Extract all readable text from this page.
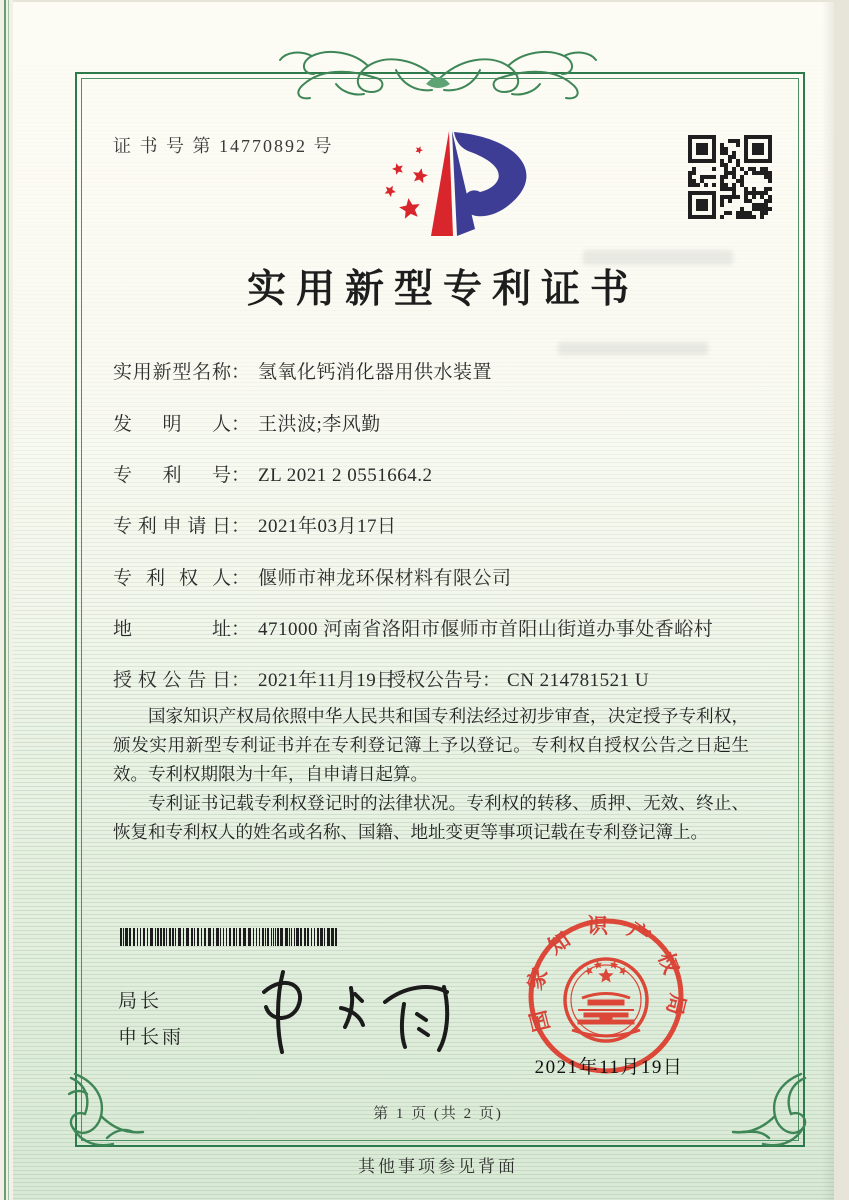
证 书 号 第 14770892 号
实用新型专利证书
实用新型名称： 氢氧化钙消化器用供水装置
发明人： 王洪波;李风勤
专利号： ZL 2021 2 0551664.2
专利申请日： 2021年03月17日
专利权人： 偃师市神龙环保材料有限公司
地址： 471000 河南省洛阳市偃师市首阳山街道办事处香峪村
授权公告日： 2021年11月19日
授权公告号： CN 214781521 U

国家知识产权局依照中华人民共和国专利法经过初步审查，决定授予专利权，颁发实用新型专利证书并在专利登记簿上予以登记。专利权自授权公告之日起生效。专利权期限为十年，自申请日起算。

专利证书记载专利权登记时的法律状况。专利权的转移、质押、无效、终止、恢复和专利权人的姓名或名称、国籍、地址变更等事项记载在专利登记簿上。

局长
申长雨
国家知识产权局
2021年11月19日
第 1 页 (共 2 页)
其他事项参见背面
